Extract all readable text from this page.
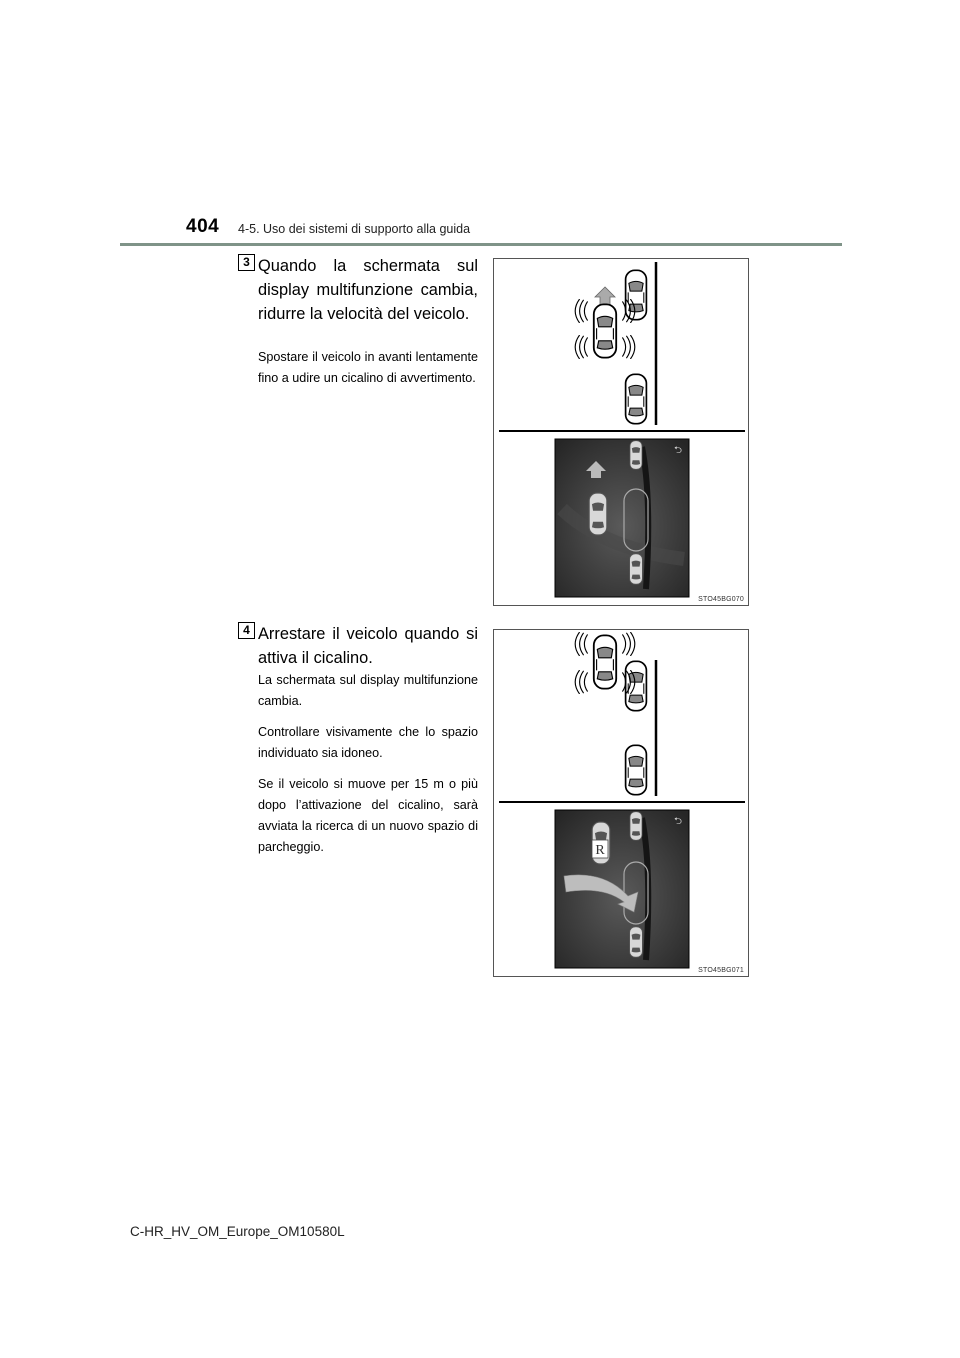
404 4-5. Uso dei sistemi di supporto alla guida
3 Quando la schermata sul display multifunzione cambia, ridurre la velocità del veicolo.

Spostare il veicolo in avanti lentamente fino a udire un cicalino di avvertimento.

⮌
STO45BG070
4 Arrestare il veicolo quando si attiva il cicalino.

La schermata sul display multifunzione cambia.

Controllare visivamente che lo spazio individuato sia idoneo.

Se il veicolo si muove per 15 m o più dopo l’attivazione del cicalino, sarà avviata la ricerca di un nuovo spazio di parcheggio.

⮌
R
STO45BG071
C-HR_HV_OM_Europe_OM10580L
